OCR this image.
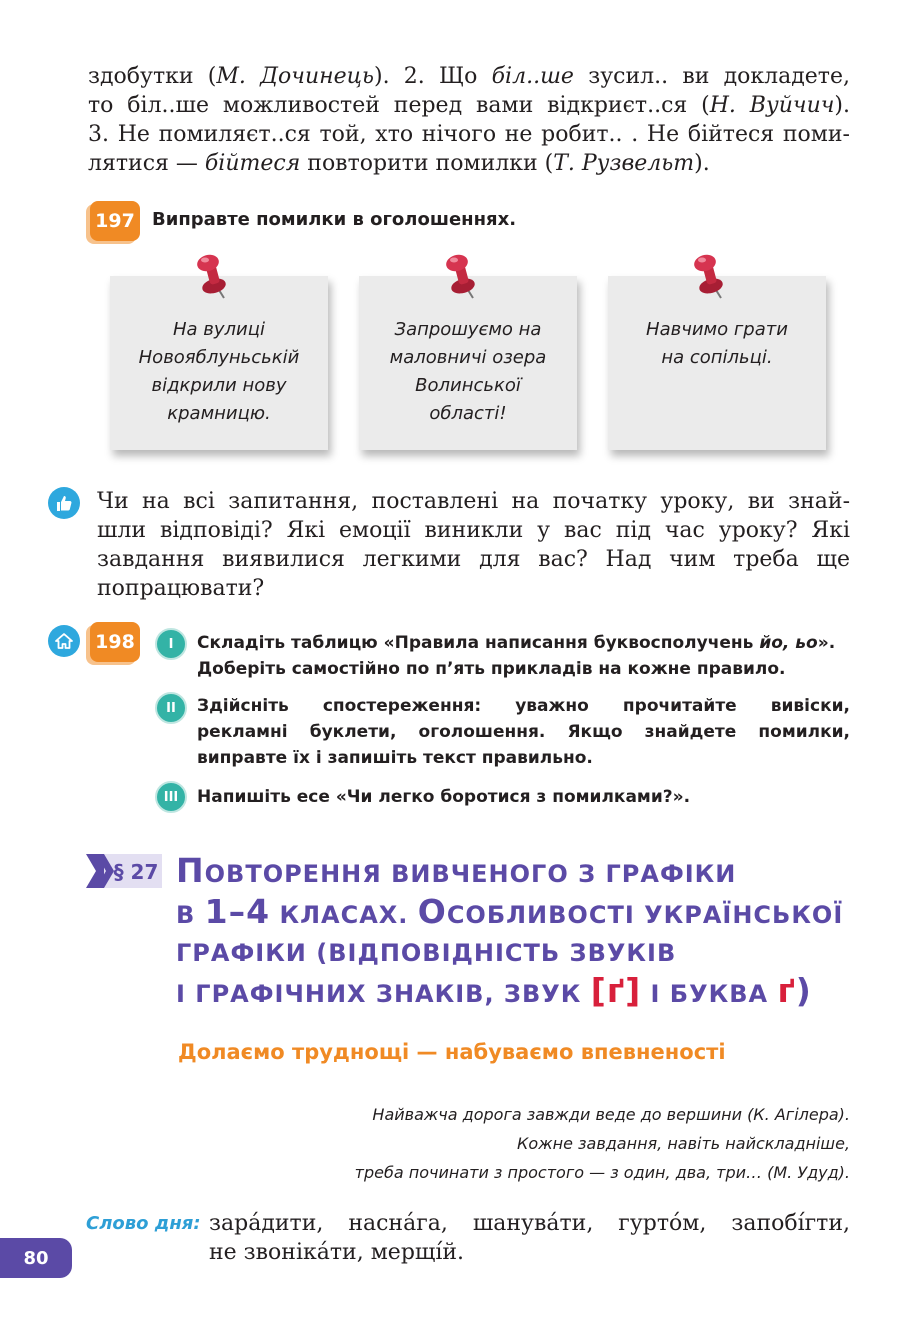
здобутки (М. Дочинець). 2. Що біл..ше зусил.. ви докладете,
то біл..ше можливостей перед вами відкриєт..ся (Н. Вуйчич).
3. Не помиляєт..ся той, хто нічого не робит.. . Не бійтеся поми-
лятися — бійтеся повторити помилки (Т. Рузвельт).
197 Виправте помилки в оголошеннях.
На вулиці
Новояблуньській
відкрили нову
крамницю.
Запрошуємо на
маловничі озера
Волинської
області!
Навчимо грати
на сопільці.
Чи на всі запитання, поставлені на початку уроку, ви знай-
шли відповіді? Які емоції виникли у вас під час уроку? Які
завдання виявилися легкими для вас? Над чим треба ще
попрацювати?
198	I	Складіть таблицю «Правила написання буквосполучень йо, ьо».
Доберіть самостійно по п’ять прикладів на кожне правило.
II	Здійсніть спостереження: уважно прочитайте вивіски,
рекламні буклети, оголошення. Якщо знайдете помилки,
виправте їх і запишіть текст правильно.
III	Напишіть есе «Чи легко боротися з помилками?».
§ 27 ПОВТОРЕННЯ ВИВЧЕНОГО З ГРАФІКИ
В 1–4 КЛАСАХ. ОСОБЛИВОСТІ УКРАЇНСЬКОЇ
ГРАФІКИ (ВІДПОВІДНІСТЬ ЗВУКІВ
І ГРАФІЧНИХ ЗНАКІВ, ЗВУК [ґ] І БУКВА ґ)
Долаємо труднощі — набуваємо впевненості
Найважча дорога завжди веде до вершини (К. Агілера).
Кожне завдання, навіть найскладніше,
треба починати з простого — з один, два, три… (М. Удуд).
Слово дня: зара́дити, насна́га, шанува́ти, гурто́м, запобі́гти,
не звоніка́ти, мерщі́й.
80
